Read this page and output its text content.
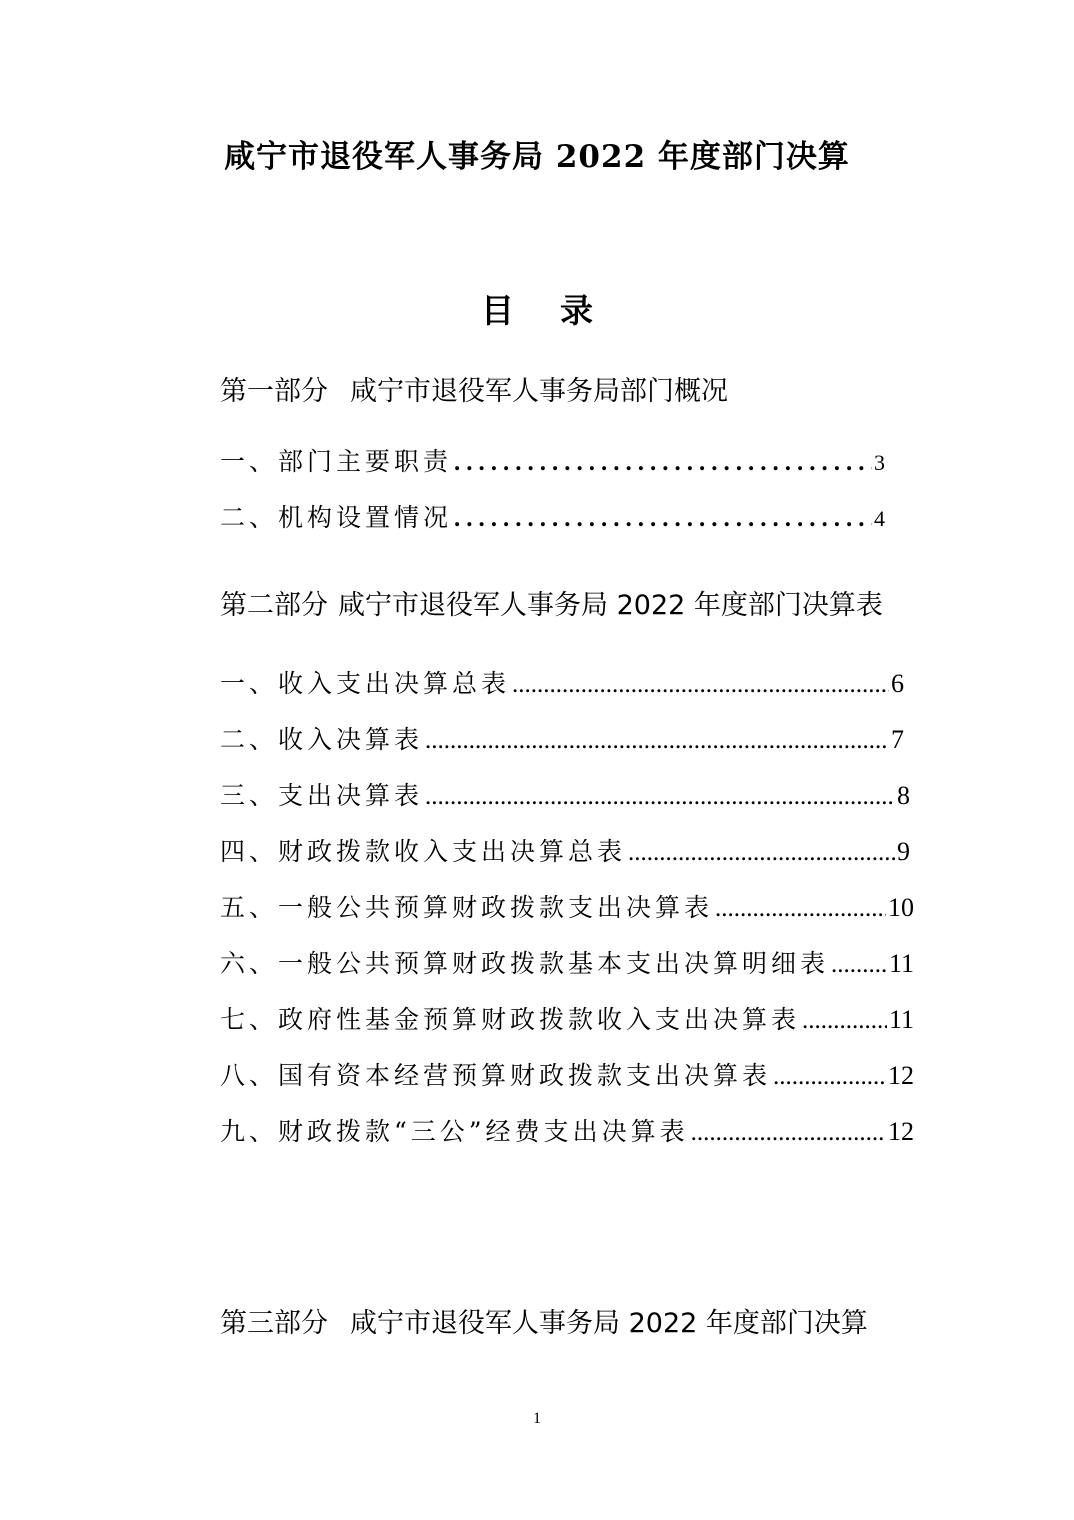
咸宁市退役军人事务局 2022 年度部门决算
目录
第一部分 咸宁市退役军人事务局部门概况
一、部门主要职责 .....	3
二、机构设置情况 .....	4
第二部分 咸宁市退役军人事务局 2022 年度部门决算表
一、收入支出决算总表 .....	6
二、收入决算表 .....	7
三、支出决算表 .....	8
四、财政拨款收入支出决算总表 .....	9
五、一般公共预算财政拨款支出决算表 .....	10
六、一般公共预算财政拨款基本支出决算明细表 ..... 11
七、政府性基金预算财政拨款收入支出决算表 .....	11
八、国有资本经营预算财政拨款支出决算表 .....	12
九、财政拨款“三公”经费支出决算表 .....	12
第三部分 咸宁市退役军人事务局 2022 年度部门决算
1
